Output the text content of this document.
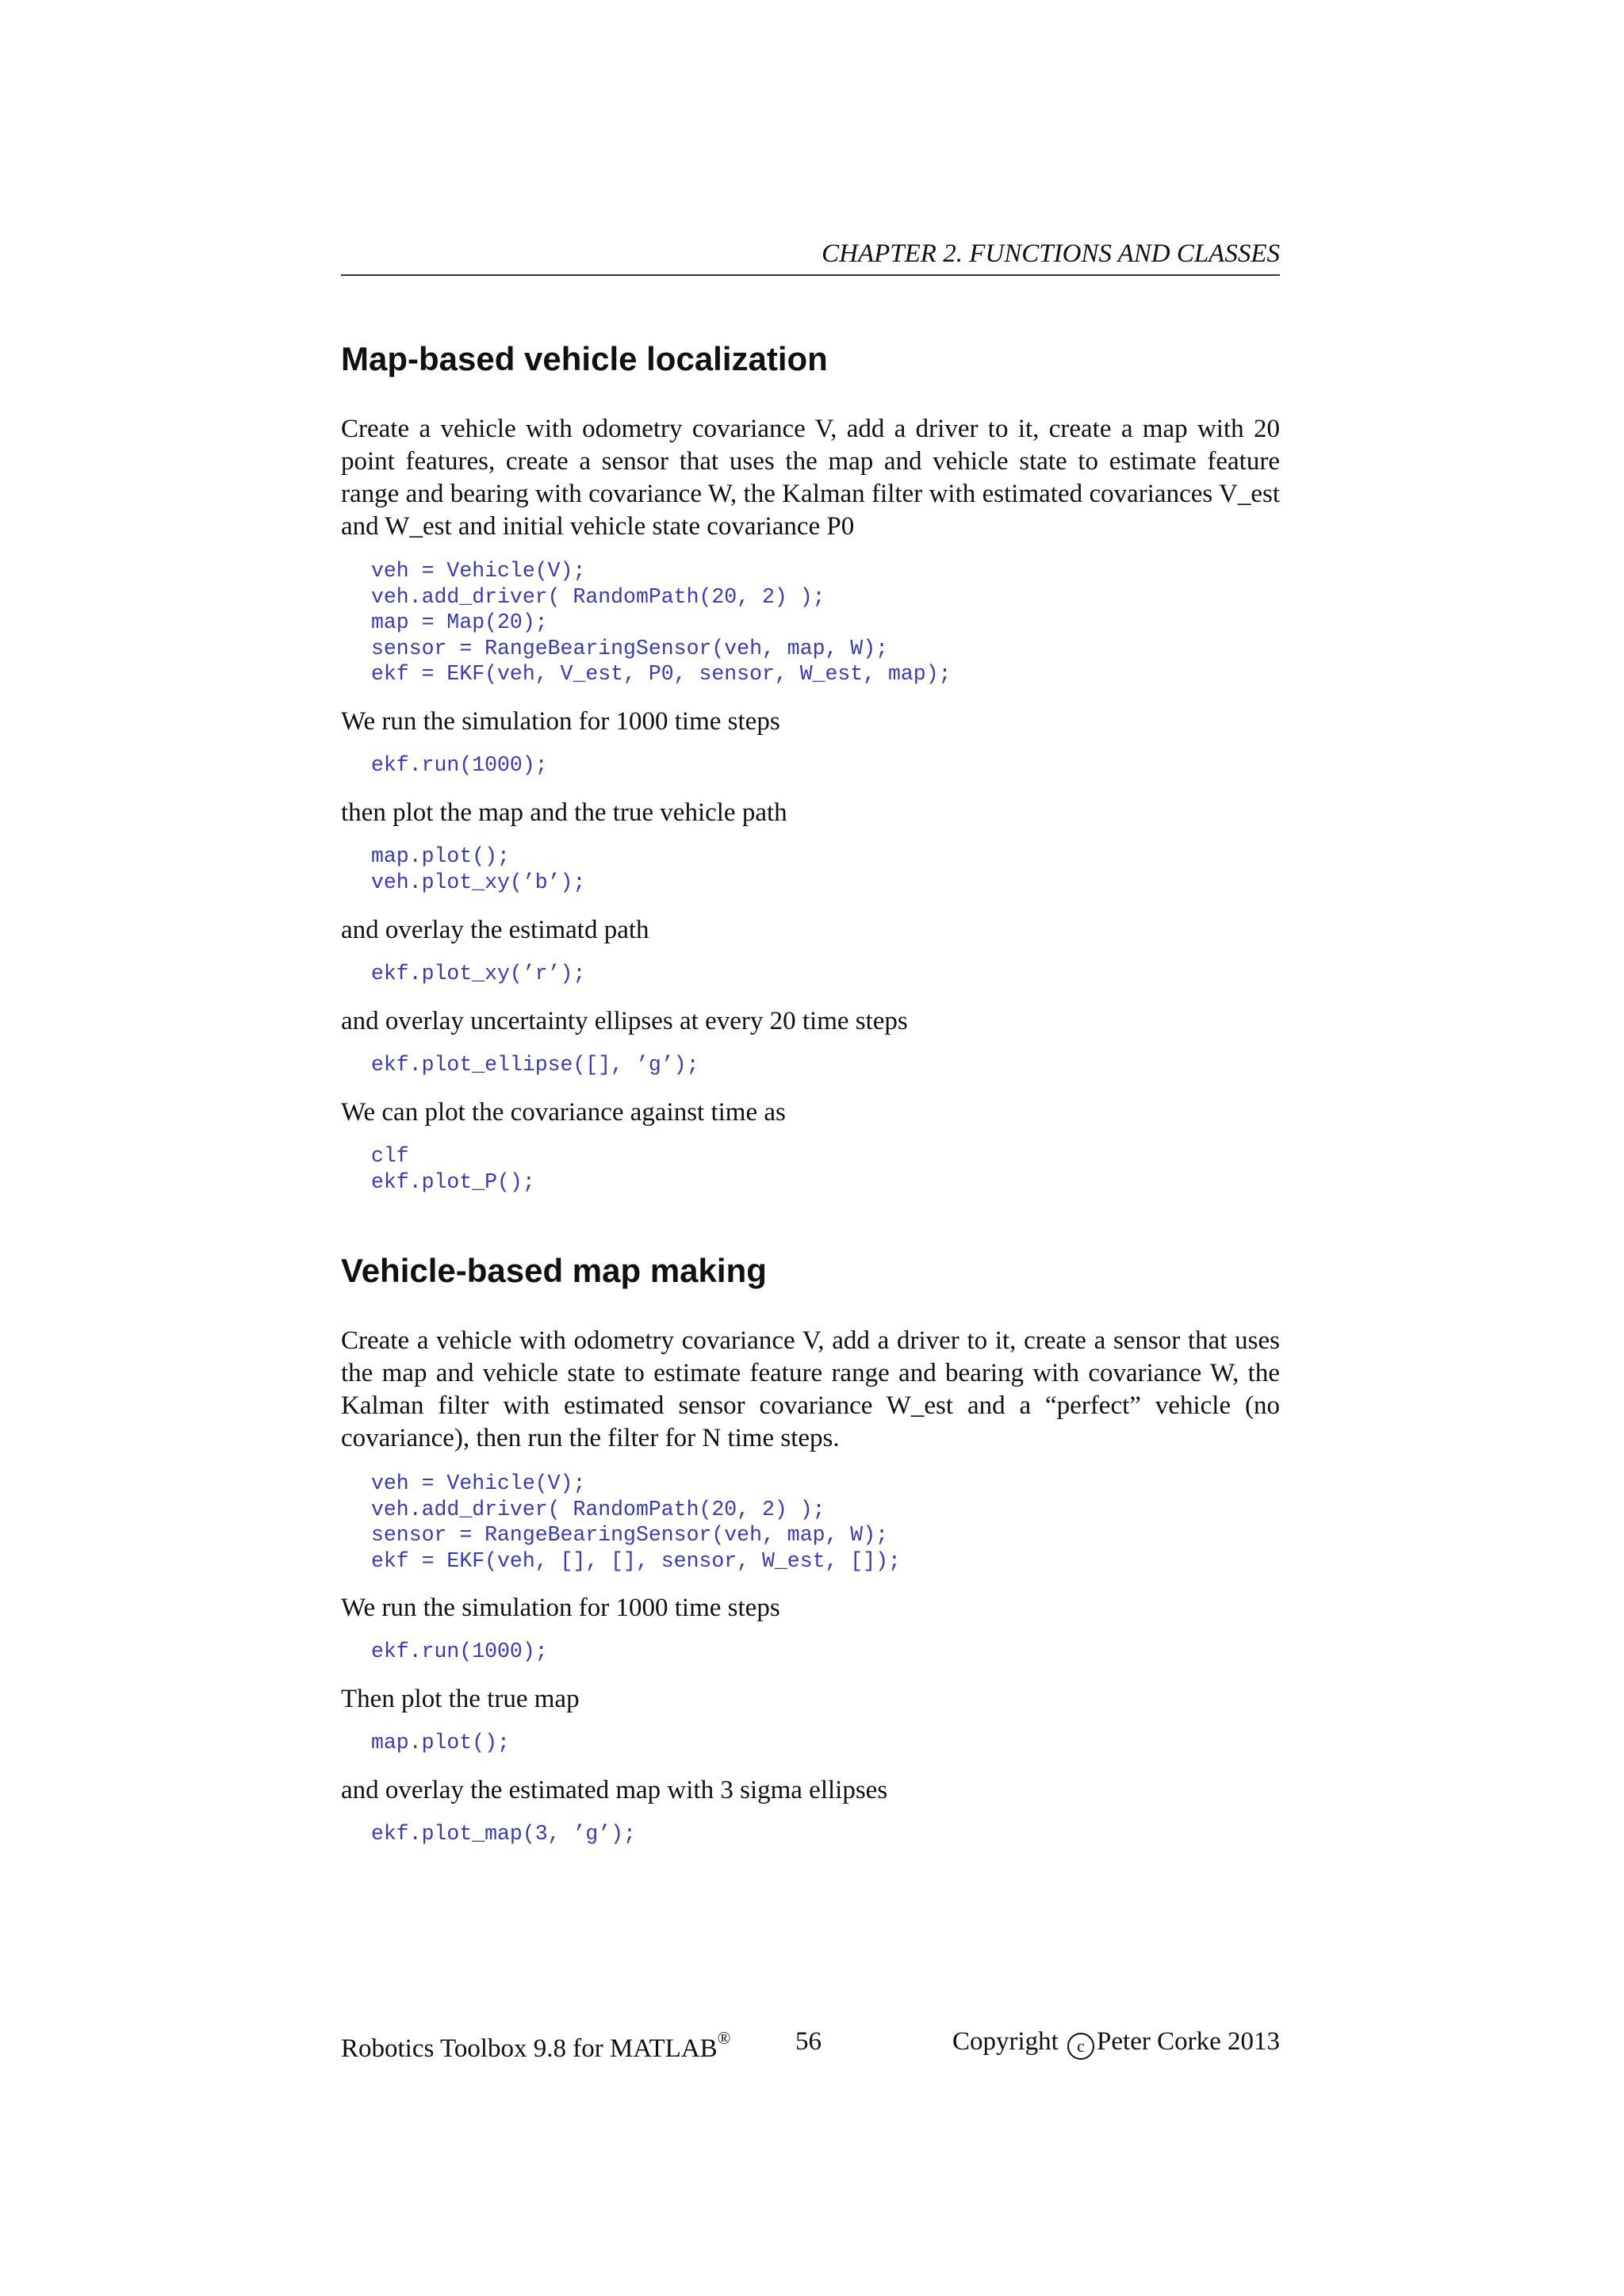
CHAPTER 2. FUNCTIONS AND CLASSES
Map-based vehicle localization

Create a vehicle with odometry covariance V, add a driver to it, create a map with 20 point features, create a sensor that uses the map and vehicle state to estimate feature range and bearing with covariance W, the Kalman filter with estimated covariances V_est and W_est and initial vehicle state covariance P0

veh = Vehicle(V);
veh.add_driver( RandomPath(20, 2) );
map = Map(20);
sensor = RangeBearingSensor(veh, map, W);
ekf = EKF(veh, V_est, P0, sensor, W_est, map);

We run the simulation for 1000 time steps

ekf.run(1000);

then plot the map and the true vehicle path

map.plot();
veh.plot_xy(’b’);

and overlay the estimatd path

ekf.plot_xy(’r’);

and overlay uncertainty ellipses at every 20 time steps

ekf.plot_ellipse([], ’g’);

We can plot the covariance against time as

clf
ekf.plot_P();
Vehicle-based map making

Create a vehicle with odometry covariance V, add a driver to it, create a sensor that uses the map and vehicle state to estimate feature range and bearing with covariance W, the Kalman filter with estimated sensor covariance W_est and a “perfect” vehicle (no covariance), then run the filter for N time steps.

veh = Vehicle(V);
veh.add_driver( RandomPath(20, 2) );
sensor = RangeBearingSensor(veh, map, W);
ekf = EKF(veh, [], [], sensor, W_est, []);

We run the simulation for 1000 time steps

ekf.run(1000);

Then plot the true map

map.plot();

and overlay the estimated map with 3 sigma ellipses

ekf.plot_map(3, ’g’);
Robotics Toolbox 9.8 for MATLAB® 56	Copyright c Peter Corke 2013
